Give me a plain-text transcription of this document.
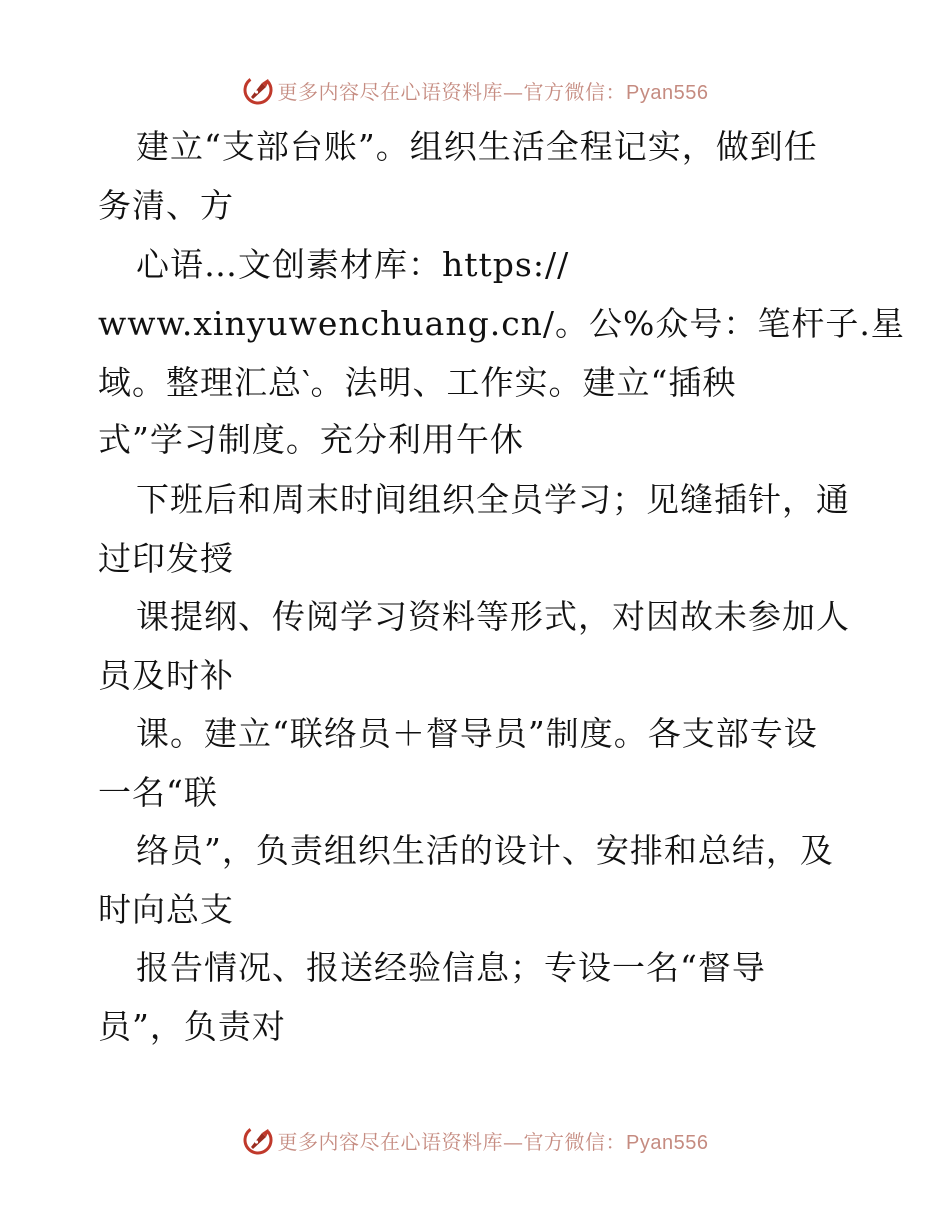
更多内容尽在心语资料库—官方微信：Pyan556
建立“支部台账”。组织生活全程记实，做到任
务清、方
心语…文创素材库：https://
www.xinyuwenchuang.cn/。公%众号：笔杆子.星
域。整理汇总‵。法明、工作实。建立“插秧
式”学习制度。充分利用午休
下班后和周末时间组织全员学习；见缝插针，通
过印发授
课提纲、传阅学习资料等形式，对因故未参加人
员及时补
课。建立“联络员＋督导员”制度。各支部专设
一名“联
络员”，负责组织生活的设计、安排和总结，及
时向总支
报告情况、报送经验信息；专设一名“督导
员”，负责对
更多内容尽在心语资料库—官方微信：Pyan556
